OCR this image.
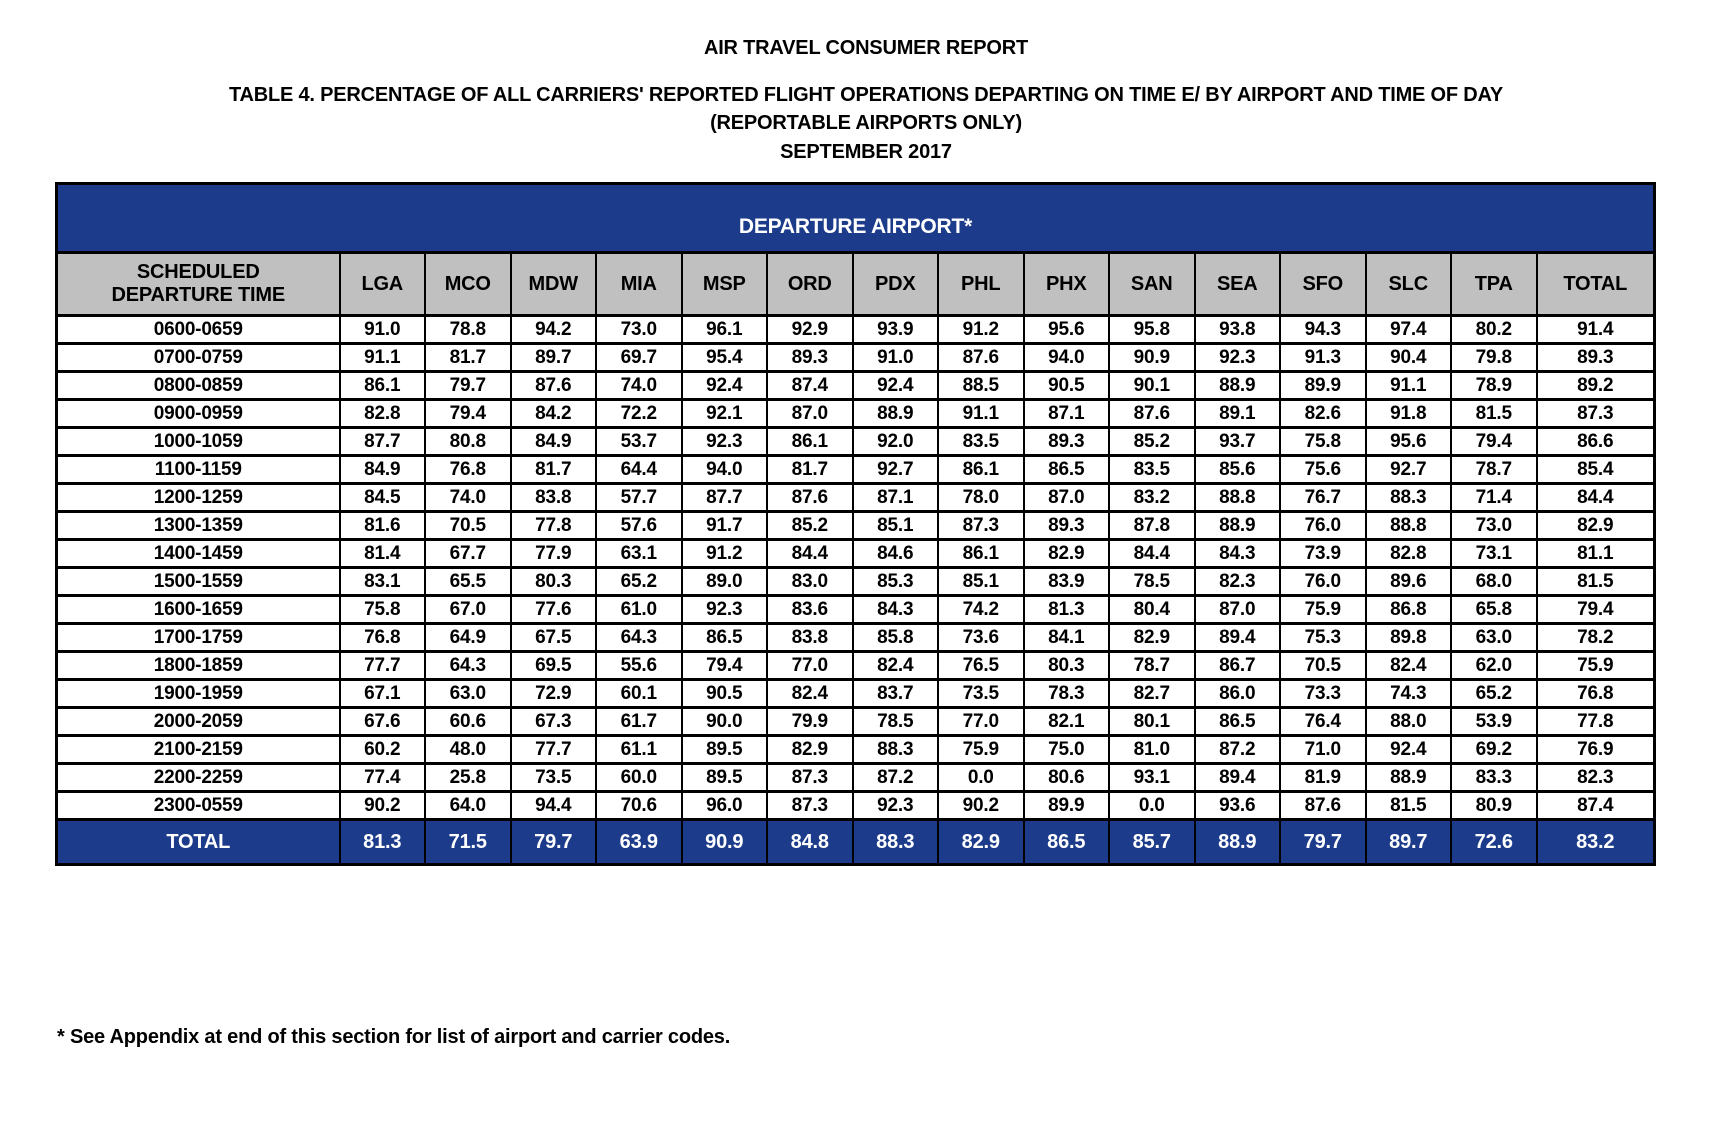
AIR TRAVEL CONSUMER REPORT
TABLE 4. PERCENTAGE OF ALL CARRIERS' REPORTED FLIGHT OPERATIONS DEPARTING ON TIME E/ BY AIRPORT AND TIME OF DAY
(REPORTABLE AIRPORTS ONLY)
SEPTEMBER 2017
DEPARTURE AIRPORT*															
SCHEDULED
DEPARTURE TIME	LGA	MCO	MDW	MIA	MSP	ORD	PDX	PHL	PHX	SAN	SEA	SFO	SLC	TPA	TOTAL
0600-0659	91.0	78.8	94.2	73.0	96.1	92.9	93.9	91.2	95.6	95.8	93.8	94.3	97.4	80.2	91.4
0700-0759	91.1	81.7	89.7	69.7	95.4	89.3	91.0	87.6	94.0	90.9	92.3	91.3	90.4	79.8	89.3
0800-0859	86.1	79.7	87.6	74.0	92.4	87.4	92.4	88.5	90.5	90.1	88.9	89.9	91.1	78.9	89.2
0900-0959	82.8	79.4	84.2	72.2	92.1	87.0	88.9	91.1	87.1	87.6	89.1	82.6	91.8	81.5	87.3
1000-1059	87.7	80.8	84.9	53.7	92.3	86.1	92.0	83.5	89.3	85.2	93.7	75.8	95.6	79.4	86.6
1100-1159	84.9	76.8	81.7	64.4	94.0	81.7	92.7	86.1	86.5	83.5	85.6	75.6	92.7	78.7	85.4
1200-1259	84.5	74.0	83.8	57.7	87.7	87.6	87.1	78.0	87.0	83.2	88.8	76.7	88.3	71.4	84.4
1300-1359	81.6	70.5	77.8	57.6	91.7	85.2	85.1	87.3	89.3	87.8	88.9	76.0	88.8	73.0	82.9
1400-1459	81.4	67.7	77.9	63.1	91.2	84.4	84.6	86.1	82.9	84.4	84.3	73.9	82.8	73.1	81.1
1500-1559	83.1	65.5	80.3	65.2	89.0	83.0	85.3	85.1	83.9	78.5	82.3	76.0	89.6	68.0	81.5
1600-1659	75.8	67.0	77.6	61.0	92.3	83.6	84.3	74.2	81.3	80.4	87.0	75.9	86.8	65.8	79.4
1700-1759	76.8	64.9	67.5	64.3	86.5	83.8	85.8	73.6	84.1	82.9	89.4	75.3	89.8	63.0	78.2
1800-1859	77.7	64.3	69.5	55.6	79.4	77.0	82.4	76.5	80.3	78.7	86.7	70.5	82.4	62.0	75.9
1900-1959	67.1	63.0	72.9	60.1	90.5	82.4	83.7	73.5	78.3	82.7	86.0	73.3	74.3	65.2	76.8
2000-2059	67.6	60.6	67.3	61.7	90.0	79.9	78.5	77.0	82.1	80.1	86.5	76.4	88.0	53.9	77.8
2100-2159	60.2	48.0	77.7	61.1	89.5	82.9	88.3	75.9	75.0	81.0	87.2	71.0	92.4	69.2	76.9
2200-2259	77.4	25.8	73.5	60.0	89.5	87.3	87.2	0.0	80.6	93.1	89.4	81.9	88.9	83.3	82.3
2300-0559	90.2	64.0	94.4	70.6	96.0	87.3	92.3	90.2	89.9	0.0	93.6	87.6	81.5	80.9	87.4
TOTAL	81.3	71.5	79.7	63.9	90.9	84.8	88.3	82.9	86.5	85.7	88.9	79.7	89.7	72.6	83.2
* See Appendix at end of this section for list of airport and carrier codes.
